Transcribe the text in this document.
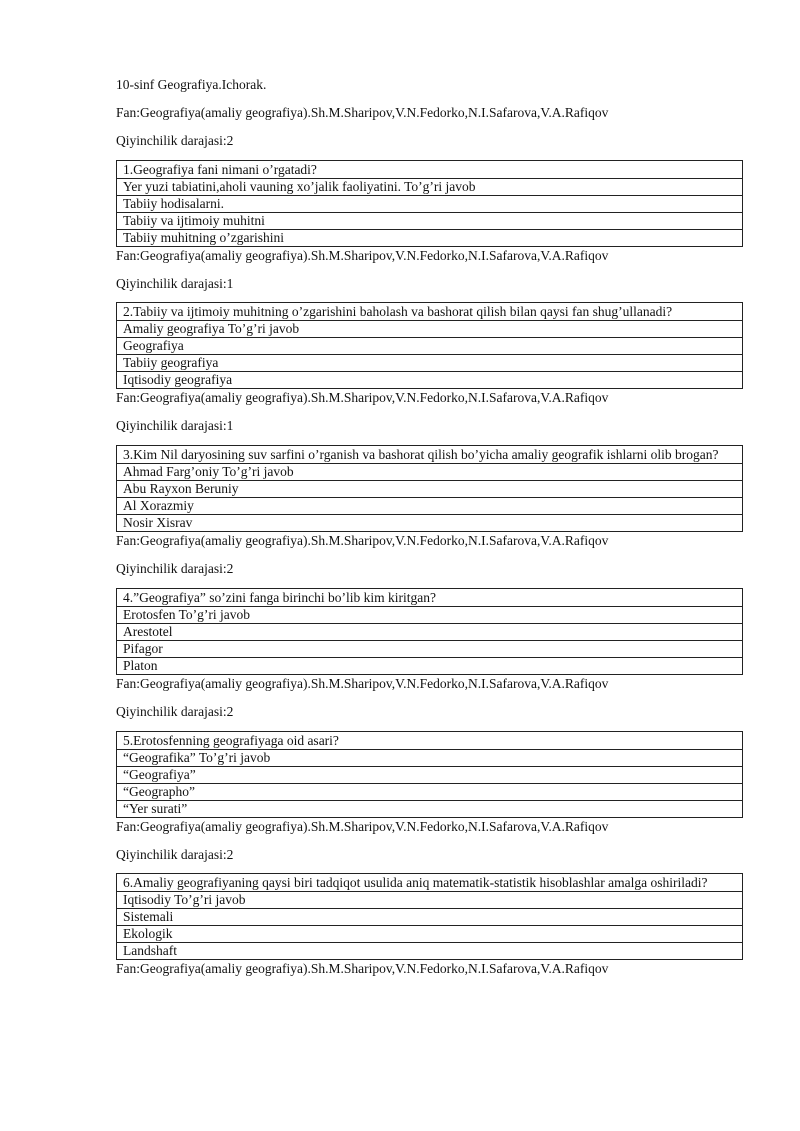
10-sinf Geografiya.Ichorak.

Fan:Geografiya(amaliy geografiya).Sh.M.Sharipov,V.N.Fedorko,N.I.Safarova,V.A.Rafiqov

Qiyinchilik darajasi:2

1.Geografiya fani nimani o’rgatadi?
Yer yuzi tabiatini,aholi vauning xo’jalik faoliyatini. To’g’ri javob
Tabiiy hodisalarni.
Tabiiy va ijtimoiy muhitni
Tabiiy muhitning o’zgarishini

Fan:Geografiya(amaliy geografiya).Sh.M.Sharipov,V.N.Fedorko,N.I.Safarova,V.A.Rafiqov

Qiyinchilik darajasi:1

2.Tabiiy va ijtimoiy muhitning o’zgarishini baholash va bashorat qilish bilan qaysi fan shug’ullanadi?
Amaliy geografiya To’g’ri javob
Geografiya
Tabiiy geografiya
Iqtisodiy geografiya

Fan:Geografiya(amaliy geografiya).Sh.M.Sharipov,V.N.Fedorko,N.I.Safarova,V.A.Rafiqov

Qiyinchilik darajasi:1

3.Kim Nil daryosining suv sarfini o’rganish va bashorat qilish bo’yicha amaliy geografik ishlarni olib brogan?
Ahmad Farg’oniy To’g’ri javob
Abu Rayxon Beruniy
Al Xorazmiy
Nosir Xisrav

Fan:Geografiya(amaliy geografiya).Sh.M.Sharipov,V.N.Fedorko,N.I.Safarova,V.A.Rafiqov

Qiyinchilik darajasi:2

4.”Geografiya” so’zini fanga birinchi bo’lib kim kiritgan?
Erotosfen To’g’ri javob
Arestotel
Pifagor
Platon

Fan:Geografiya(amaliy geografiya).Sh.M.Sharipov,V.N.Fedorko,N.I.Safarova,V.A.Rafiqov

Qiyinchilik darajasi:2

5.Erotosfenning geografiyaga oid asari?
“Geografika” To’g’ri javob
“Geografiya”
“Geographo”
“Yer surati”

Fan:Geografiya(amaliy geografiya).Sh.M.Sharipov,V.N.Fedorko,N.I.Safarova,V.A.Rafiqov

Qiyinchilik darajasi:2

6.Amaliy geografiyaning qaysi biri tadqiqot usulida aniq matematik-statistik hisoblashlar amalga oshiriladi?
Iqtisodiy To’g’ri javob
Sistemali
Ekologik
Landshaft

Fan:Geografiya(amaliy geografiya).Sh.M.Sharipov,V.N.Fedorko,N.I.Safarova,V.A.Rafiqov
